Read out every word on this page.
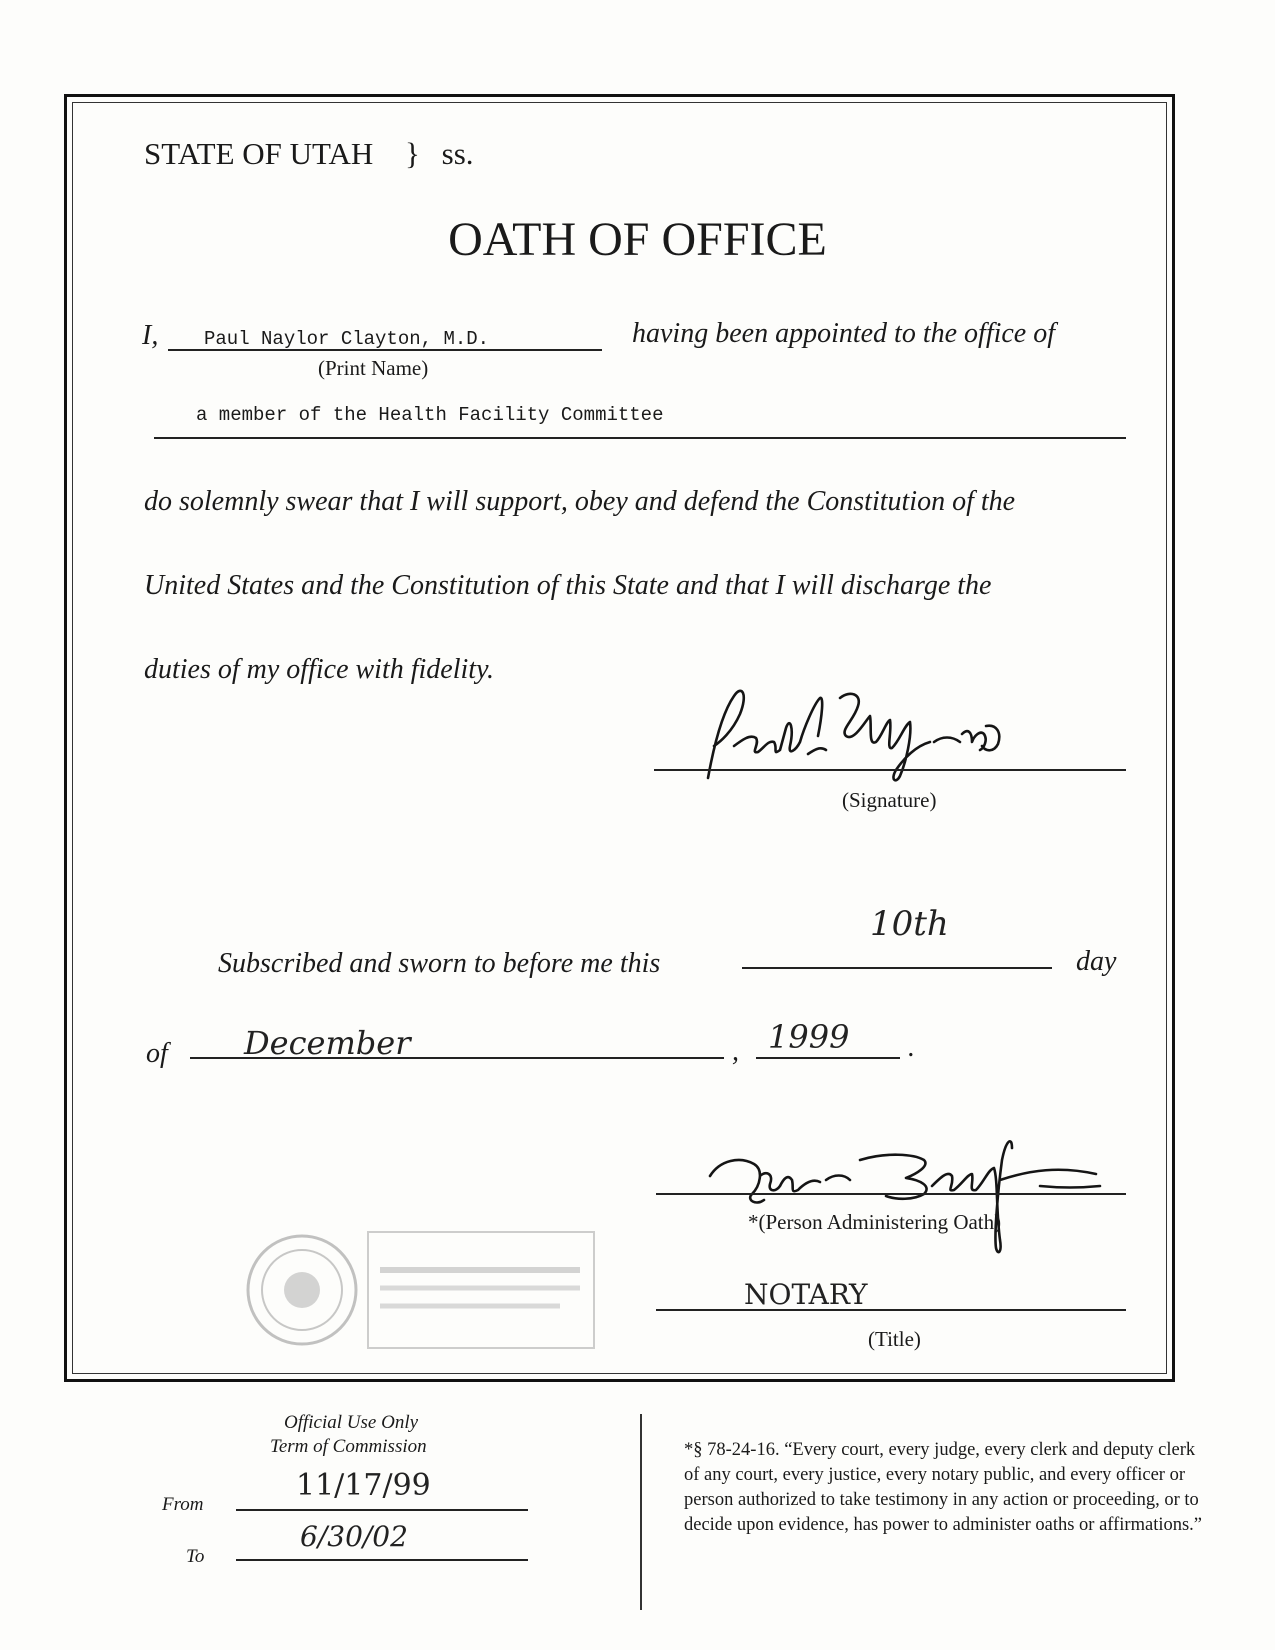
STATE OF UTAH } ss.
OATH OF OFFICE
I, Paul Naylor Clayton, M.D.	having been appointed to the office of
(Print Name)
a member of the Health Facility Committee
do solemnly swear that I will support, obey and defend the Constitution of the
United States and the Constitution of this State and that I will discharge the
duties of my office with fidelity.
(Signature)
Subscribed and sworn to before me this
10th
day
of December	, 1999 .
*(Person Administering Oath)
NOTARY
(Title)
Official Use Only
Term of Commission
From
11/17/99
To
6/30/02
*§ 78-24-16. “Every court, every judge, every clerk and deputy clerk of any court, every justice, every notary public, and every officer or person authorized to take testimony in any action or proceeding, or to decide upon evidence, has power to administer oaths or affirmations.”
